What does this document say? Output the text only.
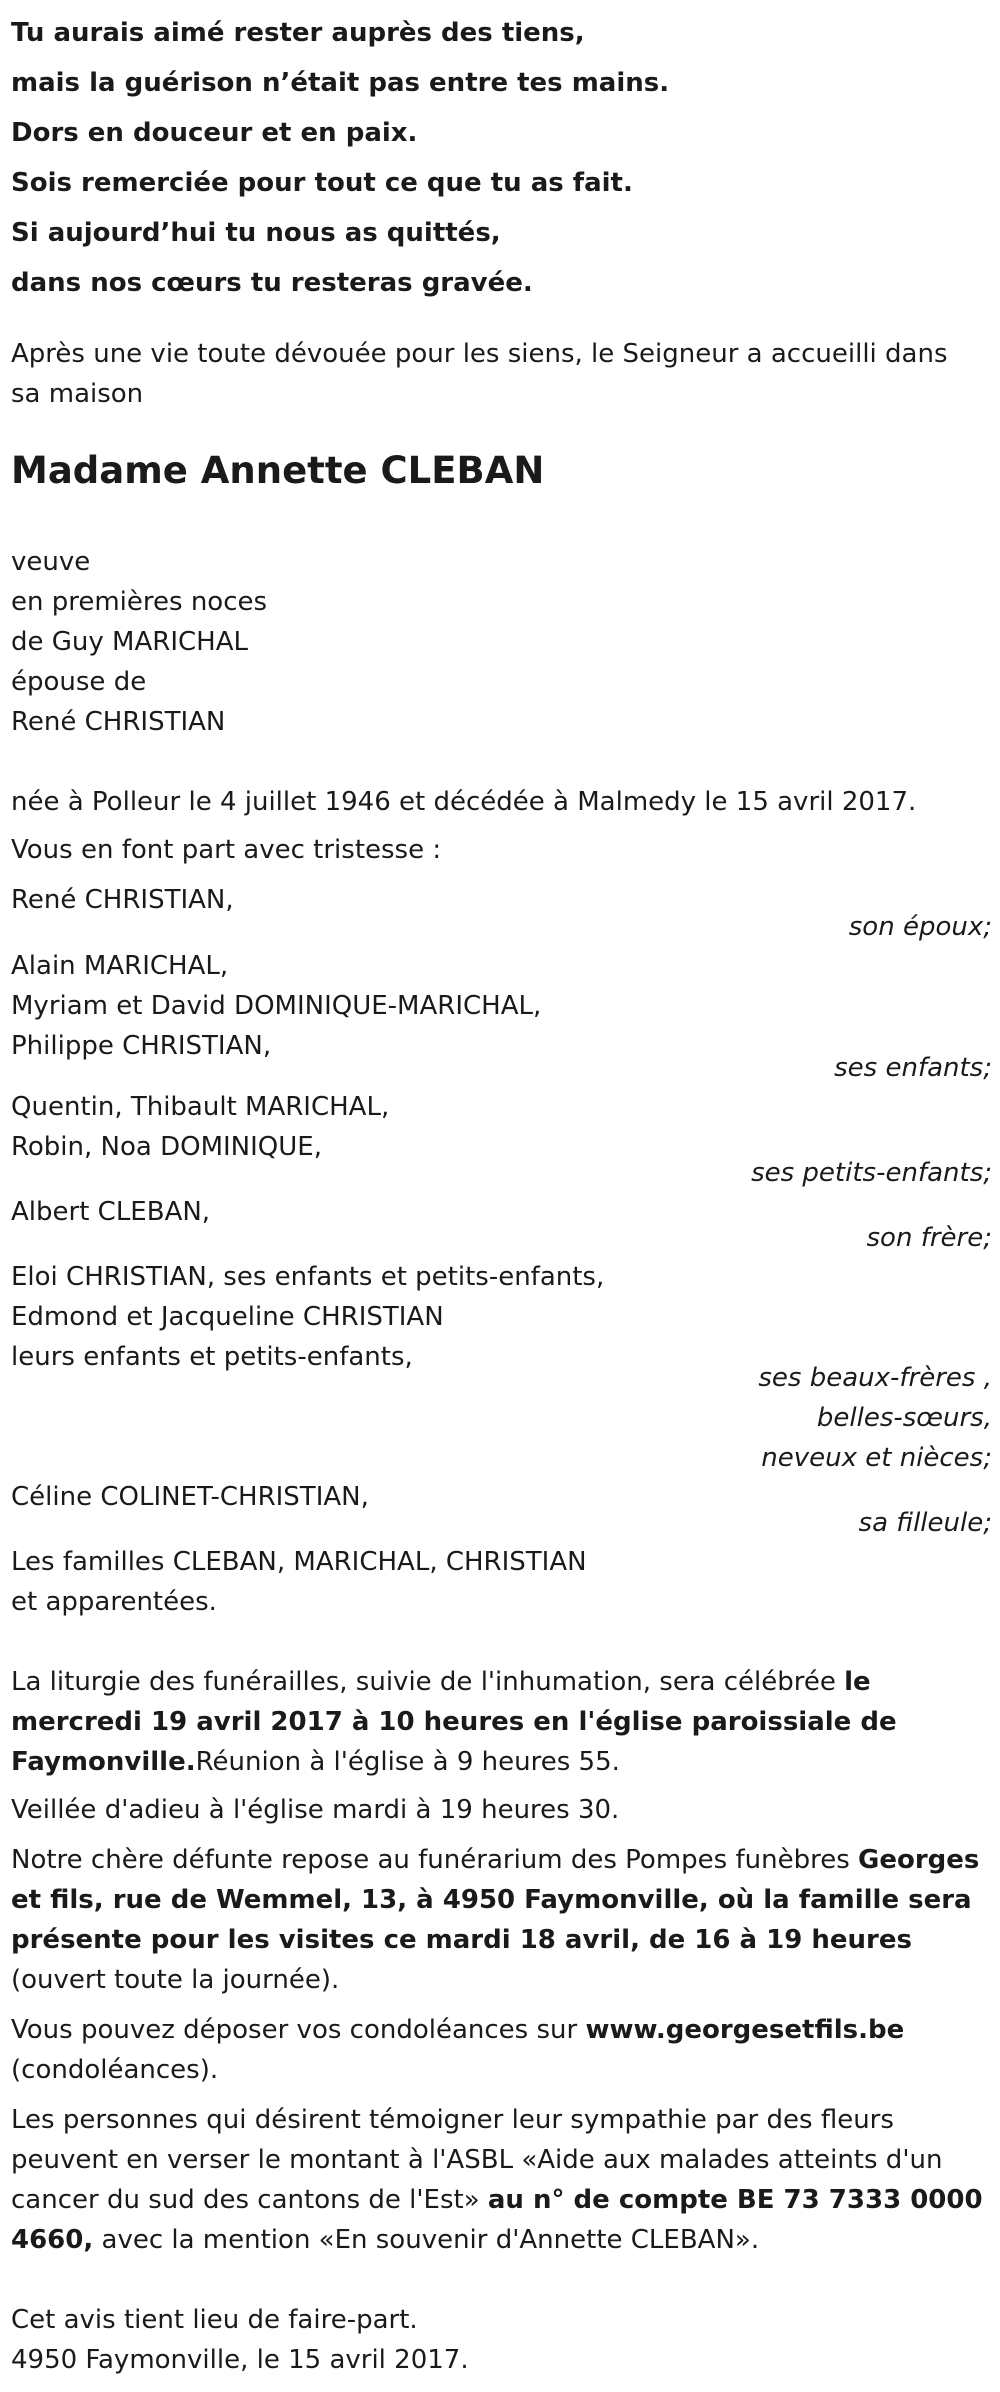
Tu aurais aimé rester auprès des tiens,
mais la guérison n’était pas entre tes mains.
Dors en douceur et en paix.
Sois remerciée pour tout ce que tu as fait.
Si aujourd’hui tu nous as quittés,
dans nos cœurs tu resteras gravée.
Après une vie toute dévouée pour les siens, le Seigneur a accueilli dans sa maison
Madame Annette CLEBAN
veuve
en premières noces
de Guy MARICHAL
épouse de
René CHRISTIAN
née à Polleur le 4 juillet 1946 et décédée à Malmedy le 15 avril 2017.
Vous en font part avec tristesse :
René CHRISTIAN,
son époux;
Alain MARICHAL,
Myriam et David DOMINIQUE-MARICHAL,
Philippe CHRISTIAN,
ses enfants;
Quentin, Thibault MARICHAL,
Robin, Noa DOMINIQUE,
ses petits-enfants;
Albert CLEBAN,
son frère;
Eloi CHRISTIAN, ses enfants et petits-enfants,
Edmond et Jacqueline CHRISTIAN
leurs enfants et petits-enfants,
ses beaux-frères ,
belles-sœurs,
neveux et nièces;
Céline COLINET-CHRISTIAN,
sa filleule;
Les familles CLEBAN, MARICHAL, CHRISTIAN
et apparentées.
La liturgie des funérailles, suivie de l'inhumation, sera célébrée le mercredi 19 avril 2017 à 10 heures en l'église paroissiale de Faymonville.Réunion à l'église à 9 heures 55.
Veillée d'adieu à l'église mardi à 19 heures 30.
Notre chère défunte repose au funérarium des Pompes funèbres Georges et fils, rue de Wemmel, 13, à 4950 Faymonville, où la famille sera présente pour les visites ce mardi 18 avril, de 16 à 19 heures (ouvert toute la journée).
Vous pouvez déposer vos condoléances sur www.georgesetfils.be (condoléances).
Les personnes qui désirent témoigner leur sympathie par des fleurs peuvent en verser le montant à l'ASBL «Aide aux malades atteints d'un cancer du sud des cantons de l'Est» au n° de compte BE 73 7333 0000 4660, avec la mention «En souvenir d'Annette CLEBAN».
Cet avis tient lieu de faire-part.
4950 Faymonville, le 15 avril 2017.
